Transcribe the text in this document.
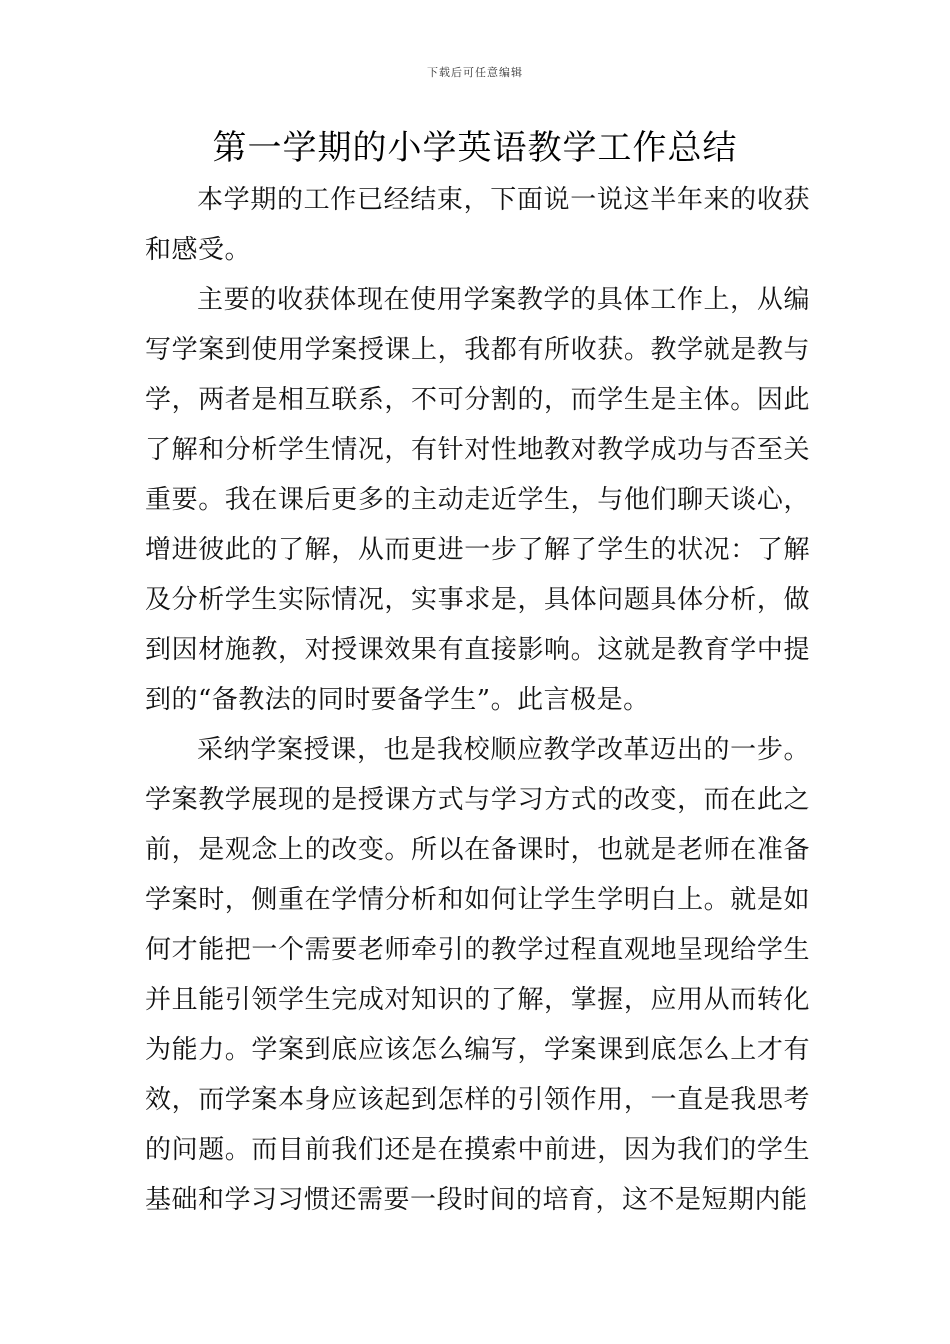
下载后可任意编辑
第一学期的小学英语教学工作总结

本学期的工作已经结束，下面说一说这半年来的收获和感受。

主要的收获体现在使用学案教学的具体工作上，从编写学案到使用学案授课上，我都有所收获。教学就是教与学，两者是相互联系，不可分割的，而学生是主体。因此了解和分析学生情况，有针对性地教对教学成功与否至关重要。我在课后更多的主动走近学生，与他们聊天谈心，增进彼此的了解，从而更进一步了解了学生的状况：了解及分析学生实际情况，实事求是，具体问题具体分析，做到因材施教，对授课效果有直接影响。这就是教育学中提到的“备教法的同时要备学生”。此言极是。

采纳学案授课，也是我校顺应教学改革迈出的一步。学案教学展现的是授课方式与学习方式的改变，而在此之前，是观念上的改变。所以在备课时，也就是老师在准备学案时，侧重在学情分析和如何让学生学明白上。就是如何才能把一个需要老师牵引的教学过程直观地呈现给学生并且能引领学生完成对知识的了解，掌握，应用从而转化为能力。学案到底应该怎么编写，学案课到底怎么上才有效，而学案本身应该起到怎样的引领作用，一直是我思考的问题。而目前我们还是在摸索中前进，因为我们的学生基础和学习习惯还需要一段时间的培育，这不是短期内能
